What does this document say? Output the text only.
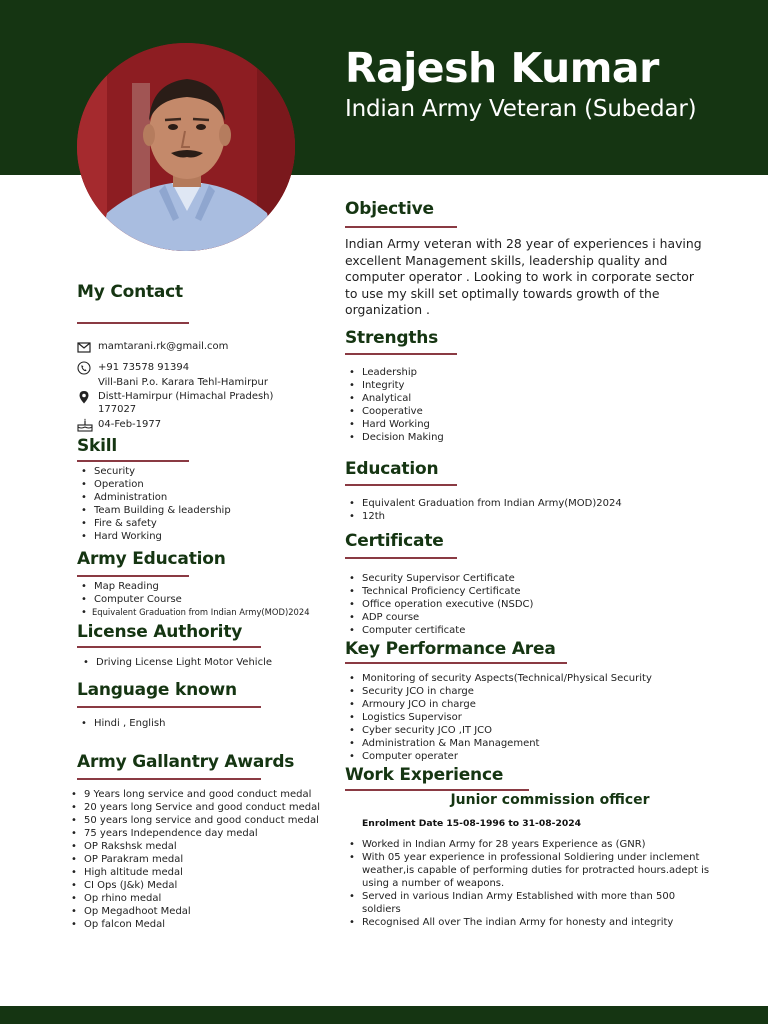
Rajesh Kumar
Indian Army Veteran (Subedar)
My Contact
mamtarani.rk@gmail.com
+91 73578 91394
Vill-Bani P.o. Karara Tehl-Hamirpur
Distt-Hamirpur (Himachal Pradesh)
177027
04-Feb-1977
Skill
• Security
• Operation
• Administration
• Team Building & leadership
• Fire & safety
• Hard Working
Army Education
• Map Reading
• Computer Course
• Equivalent Graduation from Indian Army(MOD)2024
License Authority
• Driving License Light Motor Vehicle
Language known
• Hindi , English
Army Gallantry Awards
• 9 Years long service and good conduct medal
• 20 years long Service and good conduct medal
• 50 years long service and good conduct medal
• 75 years Independence day medal
• OP Rakshsk medal
• OP Parakram medal
• High altitude medal
• CI Ops (J&k) Medal
• Op rhino medal
• Op Megadhoot Medal
• Op falcon Medal
Objective
Indian Army veteran with 28 year of experiences i having excellent Management skills, leadership quality and computer operator . Looking to work in corporate sector to use my skill set optimally towards growth of the organization .
Strengths
• Leadership
• Integrity
• Analytical
• Cooperative
• Hard Working
• Decision Making
Education
• Equivalent Graduation from Indian Army(MOD)2024
• 12th
Certificate
• Security Supervisor Certificate
• Technical Proficiency Certificate
• Office operation executive (NSDC)
• ADP course
• Computer certificate
Key Performance Area
• Monitoring of security Aspects(Technical/Physical Security
• Security JCO in charge
• Armoury JCO in charge
• Logistics Supervisor
• Cyber security JCO ,IT JCO
• Administration & Man Management
• Computer operater
Work Experience
Junior commission officer
Enrolment Date 15-08-1996 to 31-08-2024
• Worked in Indian Army for 28 years Experience as (GNR)
• With 05 year experience in professional Soldiering under inclement weather,is capable of performing duties for protracted hours.adept is using a number of weapons.
• Served in various Indian Army Established with more than 500 soldiers
• Recognised All over The indian Army for honesty and integrity
